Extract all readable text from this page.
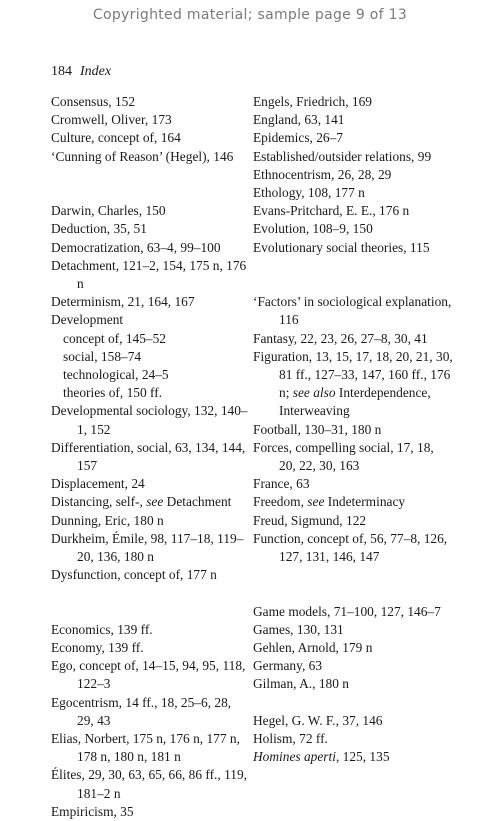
Copyrighted material; sample page 9 of 13
184 Index
Consensus, 152
Cromwell, Oliver, 173
Culture, concept of, 164
‘Cunning of Reason’ (Hegel), 146
Darwin, Charles, 150
Deduction, 35, 51
Democratization, 63–4, 99–100
Detachment, 121–2, 154, 175 n, 176 n
Determinism, 21, 164, 167
Development
concept of, 145–52
social, 158–74
technological, 24–5
theories of, 150 ff.
Developmental sociology, 132, 140–1, 152
Differentiation, social, 63, 134, 144, 157
Displacement, 24
Distancing, self-, see Detachment
Dunning, Eric, 180 n
Durkheim, Émile, 98, 117–18, 119–20, 136, 180 n
Dysfunction, concept of, 177 n
Economics, 139 ff.
Economy, 139 ff.
Ego, concept of, 14–15, 94, 95, 118, 122–3
Egocentrism, 14 ff., 18, 25–6, 28, 29, 43
Elias, Norbert, 175 n, 176 n, 177 n, 178 n, 180 n, 181 n
Élites, 29, 30, 63, 65, 66, 86 ff., 119, 181–2 n
Empiricism, 35
Engels, Friedrich, 169
England, 63, 141
Epidemics, 26–7
Established/outsider relations, 99
Ethnocentrism, 26, 28, 29
Ethology, 108, 177 n
Evans-Pritchard, E. E., 176 n
Evolution, 108–9, 150
Evolutionary social theories, 115
‘Factors’ in sociological explanation, 116
Fantasy, 22, 23, 26, 27–8, 30, 41
Figuration, 13, 15, 17, 18, 20, 21, 30, 81 ff., 127–33, 147, 160 ff., 176 n; see also Interdependence, Interweaving
Football, 130–31, 180 n
Forces, compelling social, 17, 18, 20, 22, 30, 163
France, 63
Freedom, see Indeterminacy
Freud, Sigmund, 122
Function, concept of, 56, 77–8, 126, 127, 131, 146, 147
Game models, 71–100, 127, 146–7
Games, 130, 131
Gehlen, Arnold, 179 n
Germany, 63
Gilman, A., 180 n
Hegel, G. W. F., 37, 146
Holism, 72 ff.
Homines aperti, 125, 135
